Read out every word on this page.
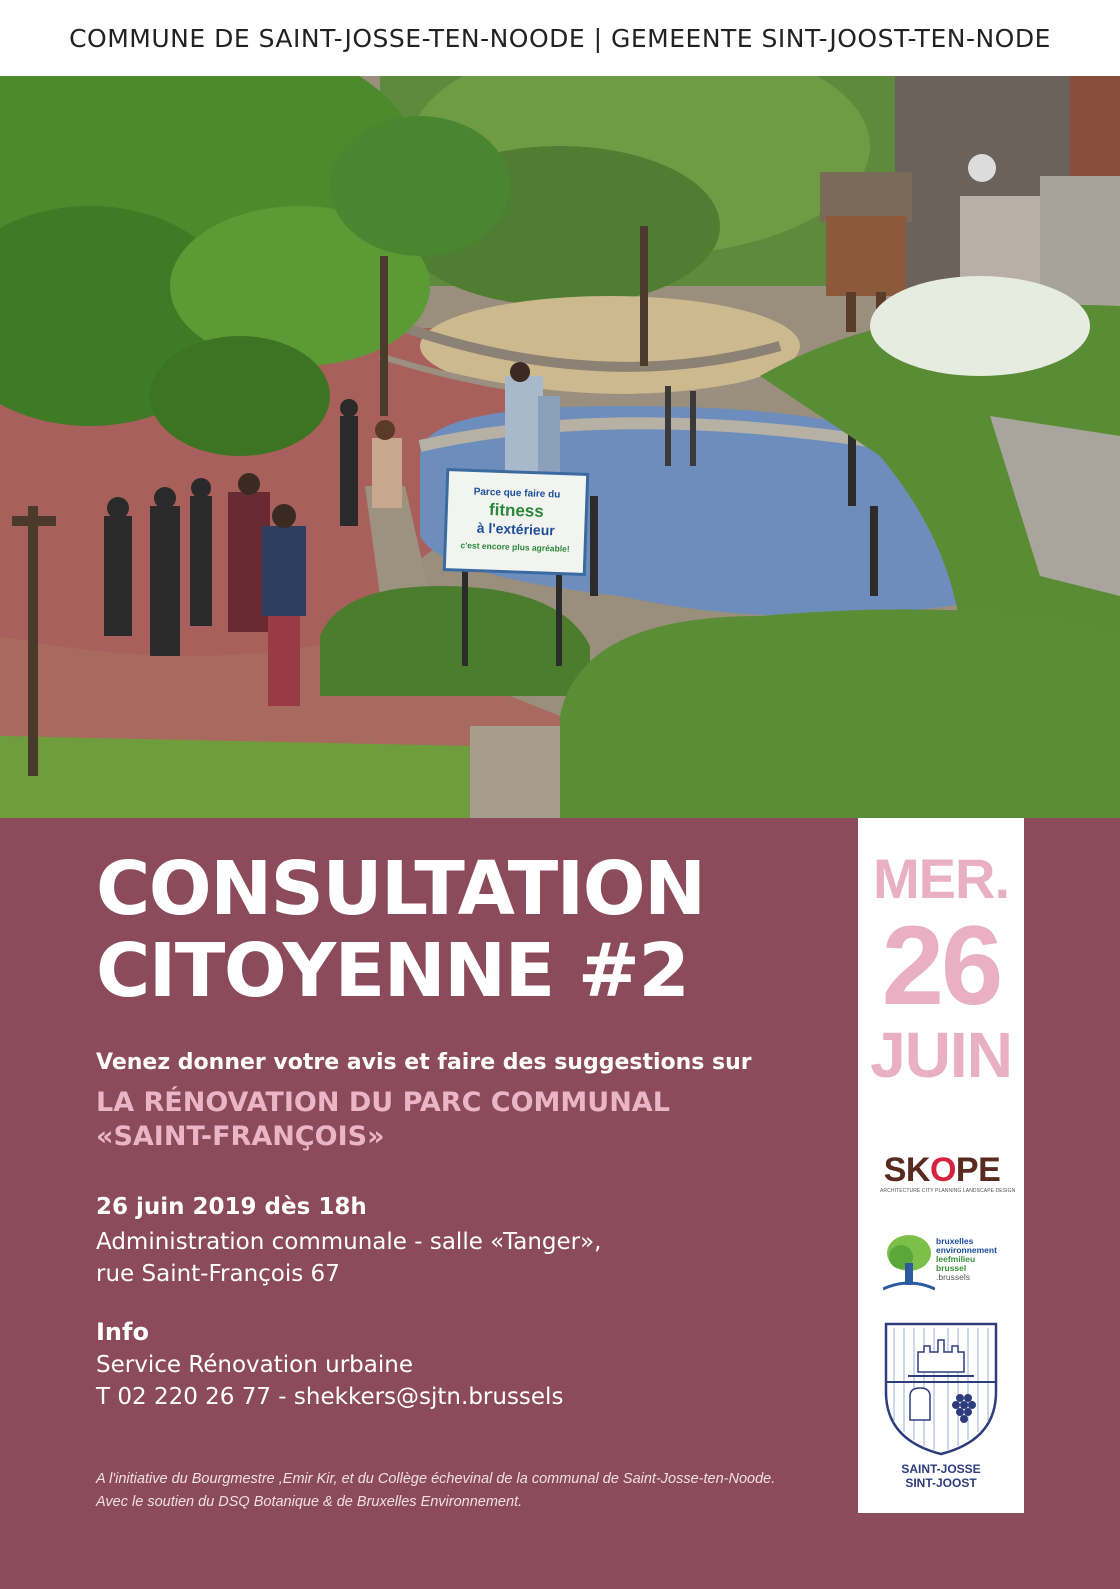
COMMUNE DE SAINT-JOSSE-TEN-NOODE | GEMEENTE SINT-JOOST-TEN-NODE
Parce que faire du
fitness
à l'extérieur
c'est encore plus agréable!
CONSULTATION
CITOYENNE #2
Venez donner votre avis et faire des suggestions sur
LA RÉNOVATION DU PARC COMMUNAL
«SAINT-FRANÇOIS»
26 juin 2019 dès 18h
Administration communale - salle «Tanger»,
rue Saint-François 67
Info
Service Rénovation urbaine
T 02 220 26 77 - shekkers@sjtn.brussels
A l'initiative du Bourgmestre ,Emir Kir, et du Collège échevinal de la communal de Saint-Josse-ten-Noode.
Avec le soutien du DSQ Botanique & de Bruxelles Environnement.
MER.
26
JUIN
SKOPE
ARCHITECTURE CITY PLANNING LANDSCAPE DESIGN
bruxelles
environnement
leefmilieu
brussel
.brussels
SAINT-JOSSE
SINT-JOOST
